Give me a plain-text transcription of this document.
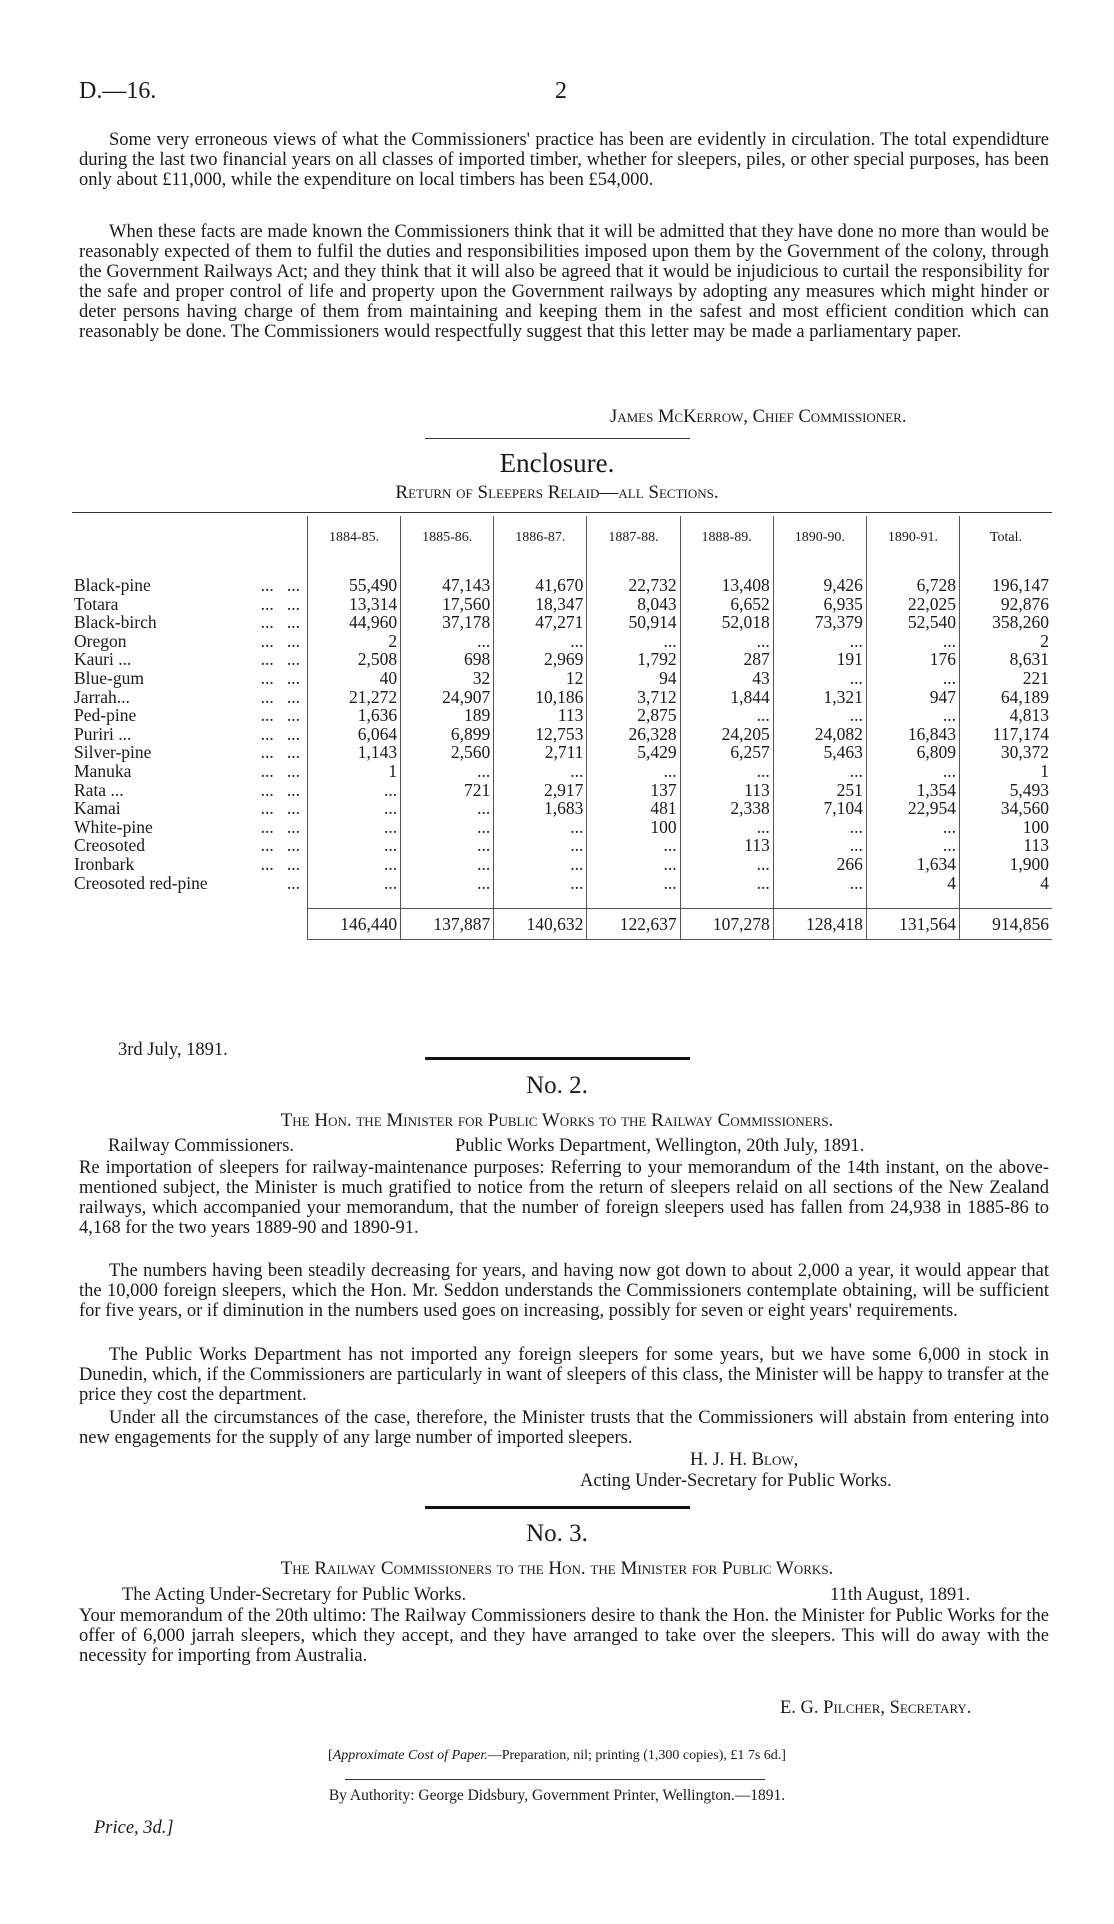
D.—16.	2
Some very erroneous views of what the Commissioners' practice has been are evidently in circulation. The total expendidture during the last two financial years on all classes of imported timber, whether for sleepers, piles, or other special purposes, has been only about £11,000, while the expenditure on local timbers has been £54,000.
When these facts are made known the Commissioners think that it will be admitted that they have done no more than would be reasonably expected of them to fulfil the duties and responsibilities imposed upon them by the Government of the colony, through the Government Railways Act; and they think that it will also be agreed that it would be injudicious to curtail the responsibility for the safe and proper control of life and property upon the Government railways by adopting any measures which might hinder or deter persons having charge of them from maintaining and keeping them in the safest and most efficient condition which can reasonably be done. The Commissioners would respectfully suggest that this letter may be made a parliamentary paper.
James McKerrow, Chief Commissioner.
Enclosure.
Return of Sleepers Relaid—all Sections.
	1884-85.	1885-86.	1886-87.	1887-88.	1888-89.	1890-90.	1890-91.	Total.

Black-pine ...   ...	55,490	47,143	41,670	22,732	13,408	9,426	6,728	196,147
Totara ...   ...	13,314	17,560	18,347	8,043	6,652	6,935	22,025	92,876
Black-birch ...   ...	44,960	37,178	47,271	50,914	52,018	73,379	52,540	358,260
Oregon ...   ...	2	...	...	...	...	...	...	2
Kauri ... ...   ...	2,508	698	2,969	1,792	287	191	176	8,631
Blue-gum ...   ...	40	32	12	94	43	...	...	221
Jarrah... ...   ...	21,272	24,907	10,186	3,712	1,844	1,321	947	64,189
Ped-pine ...   ...	1,636	189	113	2,875	...	...	...	4,813
Puriri ... ...   ...	6,064	6,899	12,753	26,328	24,205	24,082	16,843	117,174
Silver-pine ...   ...	1,143	2,560	2,711	5,429	6,257	5,463	6,809	30,372
Manuka ...   ...	1	...	...	...	...	...	...	1
Rata ... ...   ...	...	721	2,917	137	113	251	1,354	5,493
Kamai ...   ...	...	...	1,683	481	2,338	7,104	22,954	34,560
White-pine ...   ...	...	...	...	100	...	...	...	100
Creosoted ...   ...	...	...	...	...	113	...	...	113
Ironbark ...   ...	...	...	...	...	...	266	1,634	1,900
Creosoted red-pine ...	...	...	...	...	...	...	4	4

	146,440	137,887	140,632	122,637	107,278	128,418	131,564	914,856
3rd July, 1891.
No. 2.
The Hon. the Minister for Public Works to the Railway Commissioners.
Railway Commissioners.	Public Works Department, Wellington, 20th July, 1891.
Re importation of sleepers for railway-maintenance purposes: Referring to your memorandum of the 14th instant, on the above-mentioned subject, the Minister is much gratified to notice from the return of sleepers relaid on all sections of the New Zealand railways, which accompanied your memorandum, that the number of foreign sleepers used has fallen from 24,938 in 1885-86 to 4,168 for the two years 1889-90 and 1890-91.
The numbers having been steadily decreasing for years, and having now got down to about 2,000 a year, it would appear that the 10,000 foreign sleepers, which the Hon. Mr. Seddon understands the Commissioners contemplate obtaining, will be sufficient for five years, or if diminution in the numbers used goes on increasing, possibly for seven or eight years' requirements.
The Public Works Department has not imported any foreign sleepers for some years, but we have some 6,000 in stock in Dunedin, which, if the Commissioners are particularly in want of sleepers of this class, the Minister will be happy to transfer at the price they cost the department.
Under all the circumstances of the case, therefore, the Minister trusts that the Commissioners will abstain from entering into new engagements for the supply of any large number of imported sleepers.
H. J. H. Blow,
Acting Under-Secretary for Public Works.
No. 3.
The Railway Commissioners to the Hon. the Minister for Public Works.
The Acting Under-Secretary for Public Works.	11th August, 1891.
Your memorandum of the 20th ultimo: The Railway Commissioners desire to thank the Hon. the Minister for Public Works for the offer of 6,000 jarrah sleepers, which they accept, and they have arranged to take over the sleepers. This will do away with the necessity for importing from Australia.
E. G. Pilcher, Secretary.
[Approximate Cost of Paper.—Preparation, nil; printing (1,300 copies), £1 7s 6d.]
By Authority: George Didsbury, Government Printer, Wellington.—1891.
Price, 3d.]
